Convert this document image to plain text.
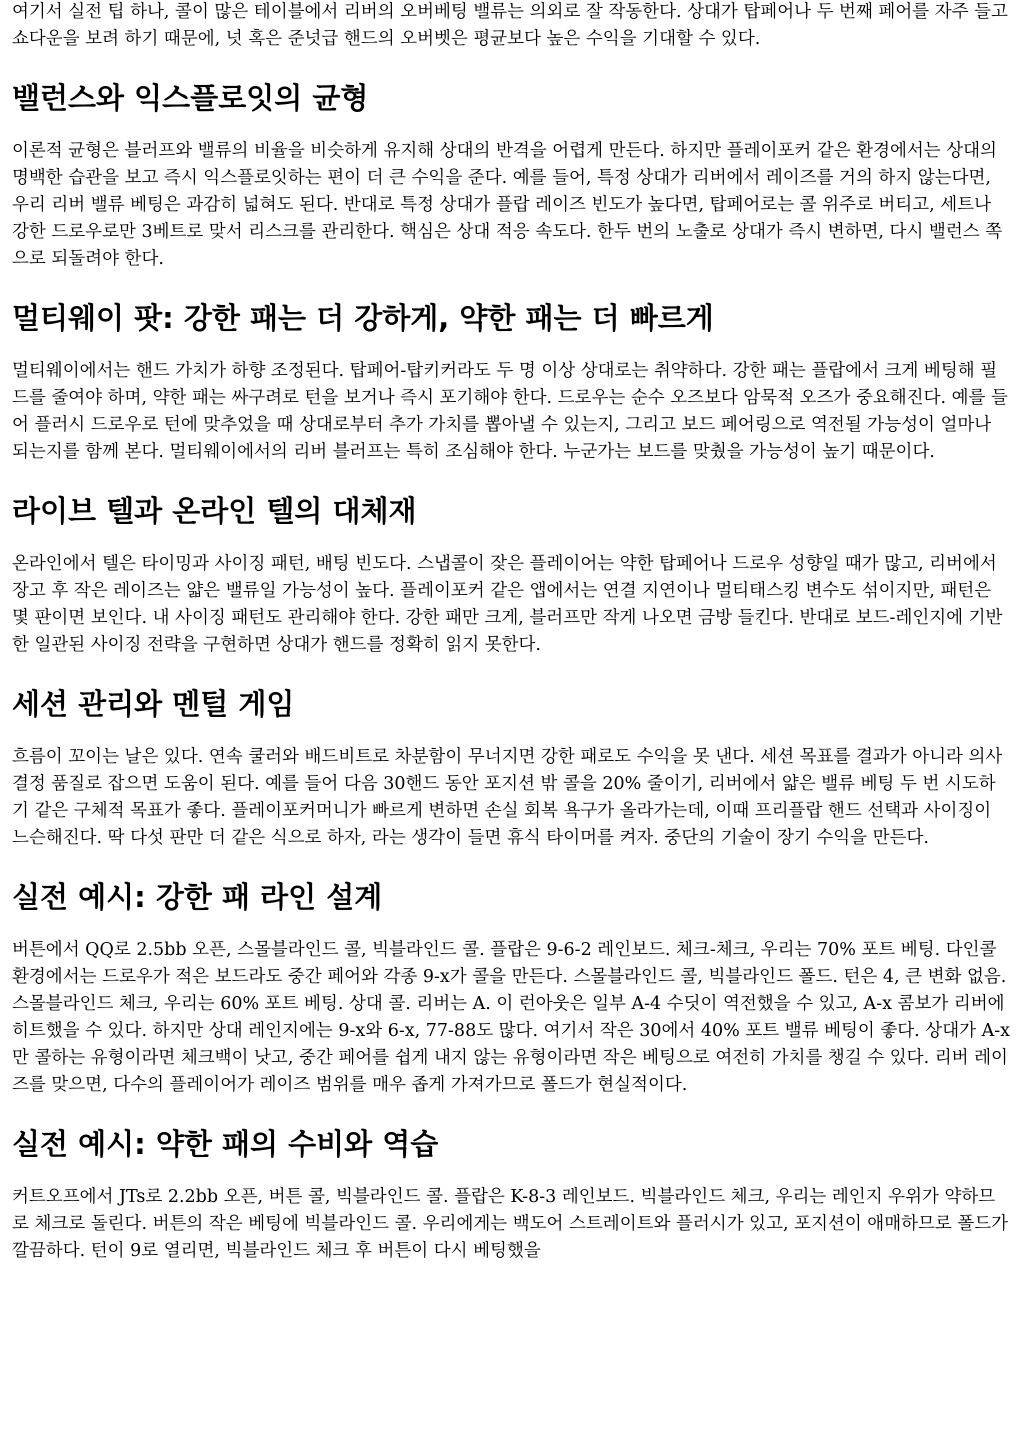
여기서 실전 팁 하나, 콜이 많은 테이블에서 리버의 오버베팅 밸류는 의외로 잘 작동한다. 상대가 탑페어나 두 번째 페어를 자주 들고 쇼다운을 보려 하기 때문에, 넛 혹은 준넛급 핸드의 오버벳은 평균보다 높은 수익을 기대할 수 있다.

밸런스와 익스플로잇의 균형

이론적 균형은 블러프와 밸류의 비율을 비슷하게 유지해 상대의 반격을 어렵게 만든다. 하지만 플레이포커 같은 환경에서는 상대의 명백한 습관을 보고 즉시 익스플로잇하는 편이 더 큰 수익을 준다. 예를 들어, 특정 상대가 리버에서 레이즈를 거의 하지 않는다면, 우리 리버 밸류 베팅은 과감히 넓혀도 된다. 반대로 특정 상대가 플랍 레이즈 빈도가 높다면, 탑페어로는 콜 위주로 버티고, 세트나 강한 드로우로만 3베트로 맞서 리스크를 관리한다. 핵심은 상대 적응 속도다. 한두 번의 노출로 상대가 즉시 변하면, 다시 밸런스 쪽으로 되돌려야 한다.

멀티웨이 팟: 강한 패는 더 강하게, 약한 패는 더 빠르게

멀티웨이에서는 핸드 가치가 하향 조정된다. 탑페어-탑키커라도 두 명 이상 상대로는 취약하다. 강한 패는 플랍에서 크게 베팅해 필드를 줄여야 하며, 약한 패는 싸구려로 턴을 보거나 즉시 포기해야 한다. 드로우는 순수 오즈보다 암묵적 오즈가 중요해진다. 예를 들어 플러시 드로우로 턴에 맞추었을 때 상대로부터 추가 가치를 뽑아낼 수 있는지, 그리고 보드 페어링으로 역전될 가능성이 얼마나 되는지를 함께 본다. 멀티웨이에서의 리버 블러프는 특히 조심해야 한다. 누군가는 보드를 맞췄을 가능성이 높기 때문이다.

라이브 텔과 온라인 텔의 대체재

온라인에서 텔은 타이밍과 사이징 패턴, 배팅 빈도다. 스냅콜이 잦은 플레이어는 약한 탑페어나 드로우 성향일 때가 많고, 리버에서 장고 후 작은 레이즈는 얇은 밸류일 가능성이 높다. 플레이포커 같은 앱에서는 연결 지연이나 멀티태스킹 변수도 섞이지만, 패턴은 몇 판이면 보인다. 내 사이징 패턴도 관리해야 한다. 강한 패만 크게, 블러프만 작게 나오면 금방 들킨다. 반대로 보드-레인지에 기반한 일관된 사이징 전략을 구현하면 상대가 핸드를 정확히 읽지 못한다.

세션 관리와 멘털 게임

흐름이 꼬이는 날은 있다. 연속 쿨러와 배드비트로 차분함이 무너지면 강한 패로도 수익을 못 낸다. 세션 목표를 결과가 아니라 의사결정 품질로 잡으면 도움이 된다. 예를 들어 다음 30핸드 동안 포지션 밖 콜을 20% 줄이기, 리버에서 얇은 밸류 베팅 두 번 시도하기 같은 구체적 목표가 좋다. 플레이포커머니가 빠르게 변하면 손실 회복 욕구가 올라가는데, 이때 프리플랍 핸드 선택과 사이징이 느슨해진다. 딱 다섯 판만 더 같은 식으로 하자, 라는 생각이 들면 휴식 타이머를 켜자. 중단의 기술이 장기 수익을 만든다.

실전 예시: 강한 패 라인 설계

버튼에서 QQ로 2.5bb 오픈, 스몰블라인드 콜, 빅블라인드 콜. 플랍은 9-6-2 레인보드. 체크-체크, 우리는 70% 포트 베팅. 다인콜 환경에서는 드로우가 적은 보드라도 중간 페어와 각종 9-x가 콜을 만든다. 스몰블라인드 콜, 빅블라인드 폴드. 턴은 4, 큰 변화 없음. 스몰블라인드 체크, 우리는 60% 포트 베팅. 상대 콜. 리버는 A. 이 런아웃은 일부 A-4 수딧이 역전했을 수 있고, A-x 콤보가 리버에 히트했을 수 있다. 하지만 상대 레인지에는 9-x와 6-x, 77-88도 많다. 여기서 작은 30에서 40% 포트 밸류 베팅이 좋다. 상대가 A-x만 콜하는 유형이라면 체크백이 낫고, 중간 페어를 쉽게 내지 않는 유형이라면 작은 베팅으로 여전히 가치를 챙길 수 있다. 리버 레이즈를 맞으면, 다수의 플레이어가 레이즈 범위를 매우 좁게 가져가므로 폴드가 현실적이다.

실전 예시: 약한 패의 수비와 역습

커트오프에서 JTs로 2.2bb 오픈, 버튼 콜, 빅블라인드 콜. 플랍은 K-8-3 레인보드. 빅블라인드 체크, 우리는 레인지 우위가 약하므로 체크로 돌린다. 버튼의 작은 베팅에 빅블라인드 콜. 우리에게는 백도어 스트레이트와 플러시가 있고, 포지션이 애매하므로 폴드가 깔끔하다. 턴이 9로 열리면, 빅블라인드 체크 후 버튼이 다시 베팅했을
